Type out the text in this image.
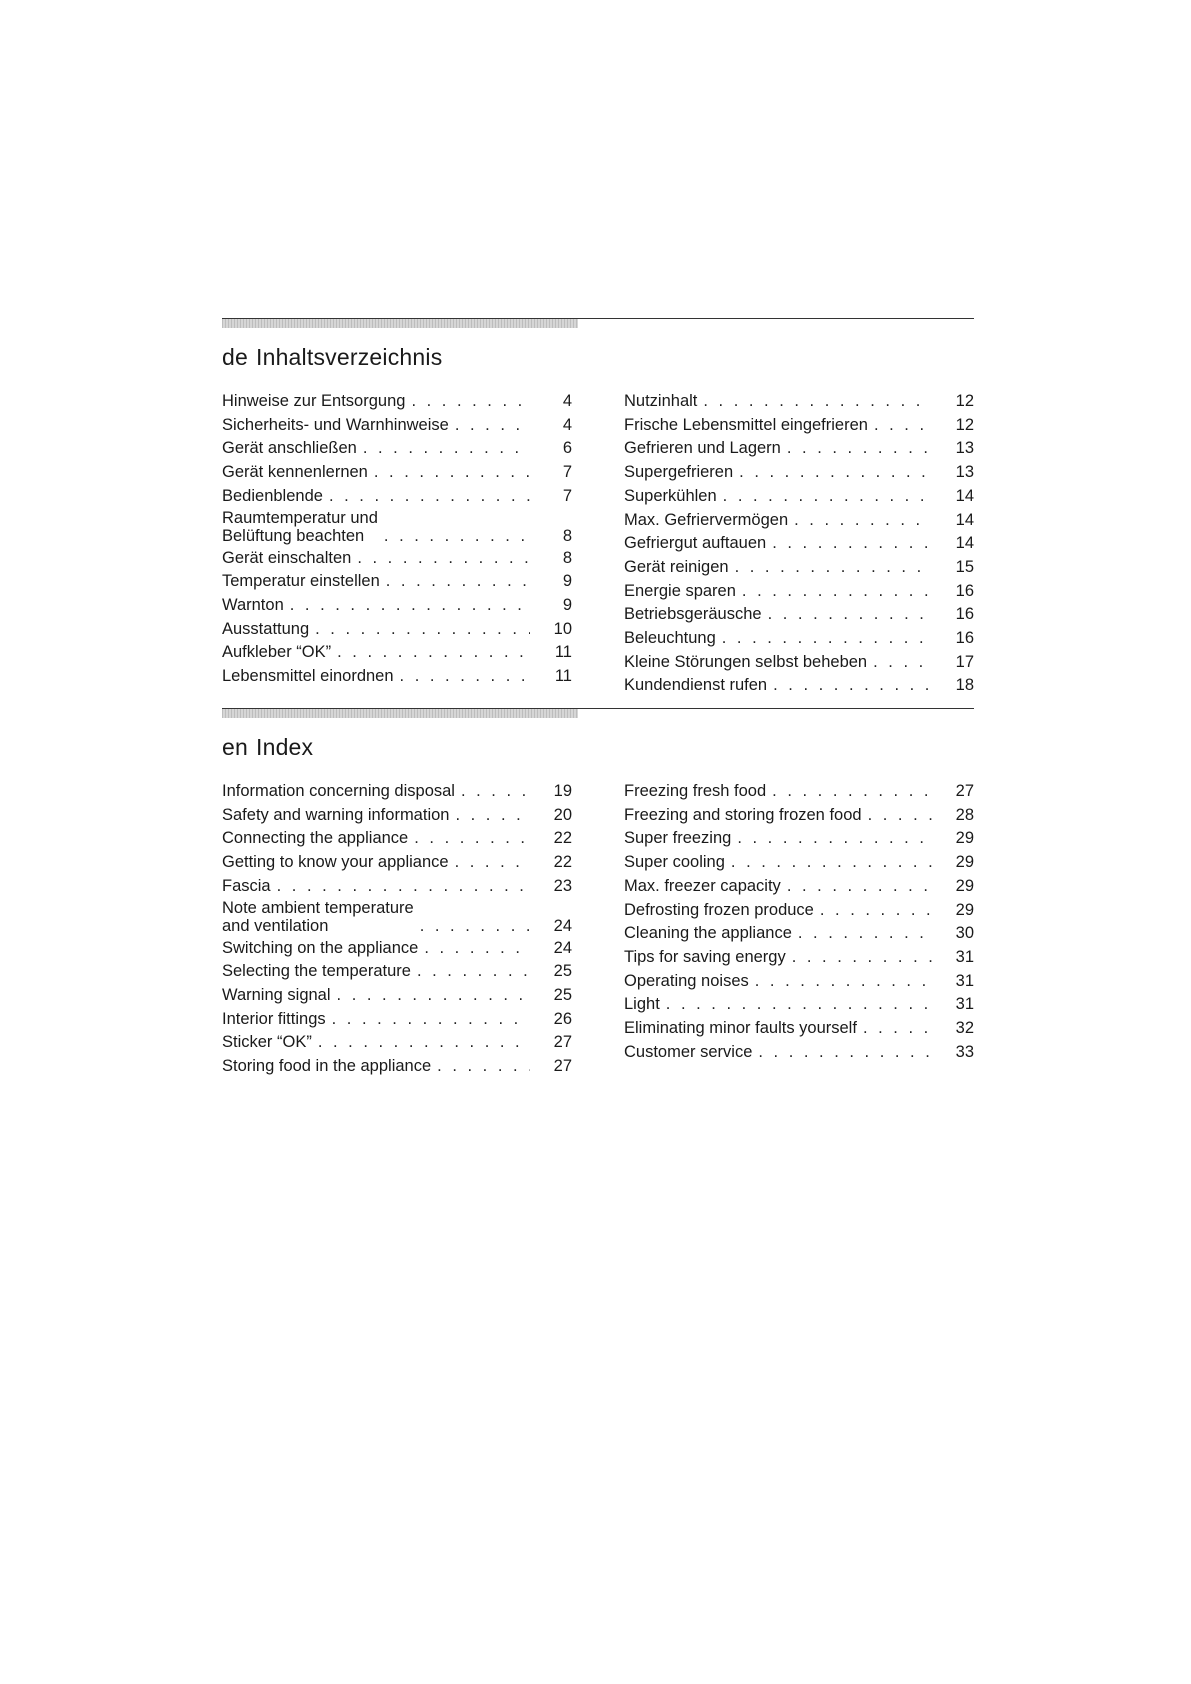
de Inhaltsverzeichnis
Hinweise zur Entsorgung . . .	4
Sicherheits- und Warnhinweise . . .	4
Gerät anschließen . . .	6
Gerät kennenlernen . . .	7
Bedienblende . . .	7
Raumtemperatur und
Belüftung beachten . . .	8
Gerät einschalten . . .	8
Temperatur einstellen . . .	9
Warnton . . .	9
Ausstattung . . .	10
Aufkleber “OK” . . .	11
Lebensmittel einordnen . . .	11
Nutzinhalt . . .	12
Frische Lebensmittel eingefrieren . . .	12
Gefrieren und Lagern . . .	13
Supergefrieren . . .	13
Superkühlen . . .	14
Max. Gefriervermögen . . .	14
Gefriergut auftauen . . .	14
Gerät reinigen . . .	15
Energie sparen . . .	16
Betriebsgeräusche . . .	16
Beleuchtung . . .	16
Kleine Störungen selbst beheben . . .	17
Kundendienst rufen . . .	18
en Index
Information concerning disposal . . .	19
Safety and warning information . . .	20
Connecting the appliance . . .	22
Getting to know your appliance . . .	22
Fascia . . .	23
Note ambient temperature
and ventilation . . .	24
Switching on the appliance . . .	24
Selecting the temperature . . .	25
Warning signal . . .	25
Interior fittings . . .	26
Sticker “OK” . . .	27
Storing food in the appliance . . .	27
Freezing fresh food . . .	27
Freezing and storing frozen food . . .	28
Super freezing . . .	29
Super cooling . . .	29
Max. freezer capacity . . .	29
Defrosting frozen produce . . .	29
Cleaning the appliance . . .	30
Tips for saving energy . . .	31
Operating noises . . .	31
Light . . .	31
Eliminating minor faults yourself . . .	32
Customer service . . .	33
